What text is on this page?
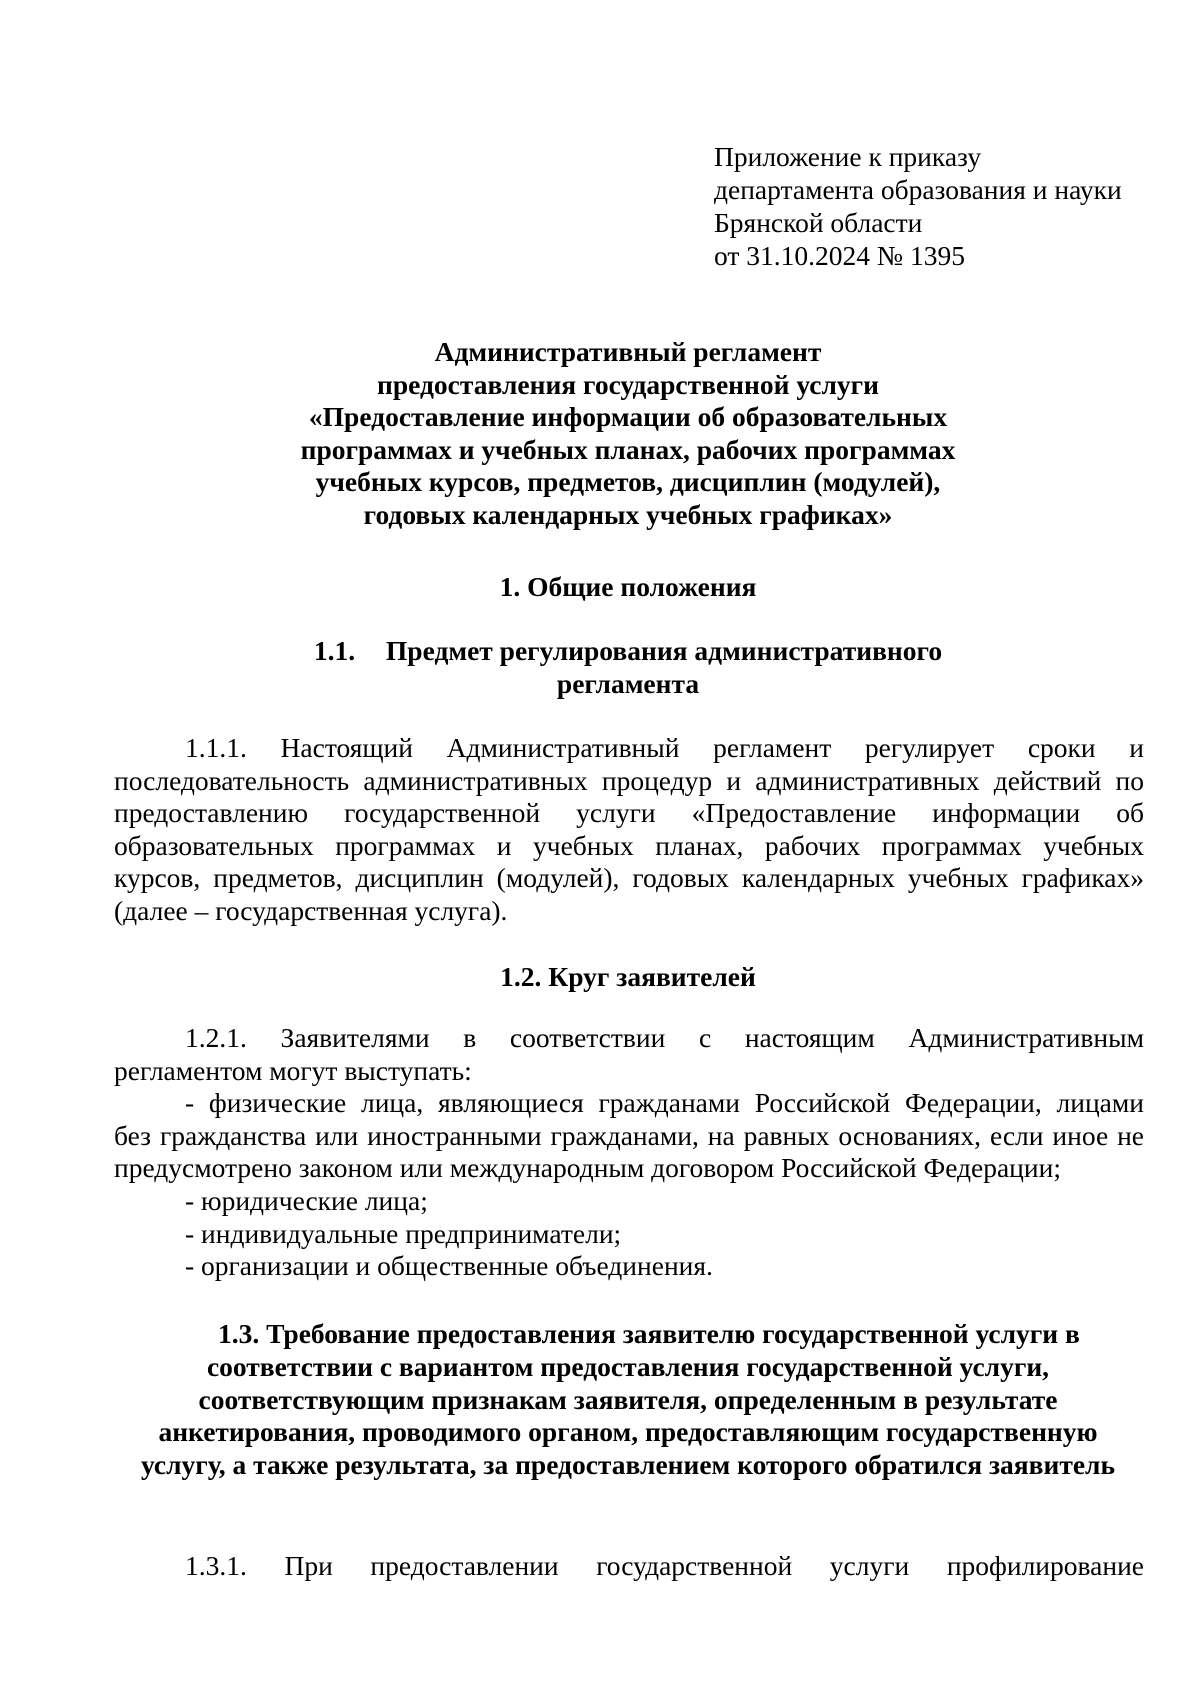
Приложение к приказу
департамента образования и науки
Брянской области
от 31.10.2024 № 1395
Административный регламент
предоставления государственной услуги
«Предоставление информации об образовательных
программах и учебных планах, рабочих программах
учебных курсов, предметов, дисциплин (модулей),
годовых календарных учебных графиках»
1. Общие положения
1.1. Предмет регулирования административного
регламента
1.1.1. Настоящий Административный регламент регулирует сроки и
последовательность административных процедур и административных действий по
предоставлению государственной услуги «Предоставление информации об
образовательных программах и учебных планах, рабочих программах учебных
курсов, предметов, дисциплин (модулей), годовых календарных учебных графиках»
(далее – государственная услуга).
1.2. Круг заявителей
1.2.1. Заявителями в соответствии с настоящим Административным
регламентом могут выступать:
- физические лица, являющиеся гражданами Российской Федерации, лицами
без гражданства или иностранными гражданами, на равных основаниях, если иное не
предусмотрено законом или международным договором Российской Федерации;
- юридические лица;
- индивидуальные предприниматели;
- организации и общественные объединения.
1.3. Требование предоставления заявителю государственной услуги в
соответствии с вариантом предоставления государственной услуги,
соответствующим признакам заявителя, определенным в результате
анкетирования, проводимого органом, предоставляющим государственную
услугу, а также результата, за предоставлением которого обратился заявитель
1.3.1. При предоставлении государственной услуги профилирование
